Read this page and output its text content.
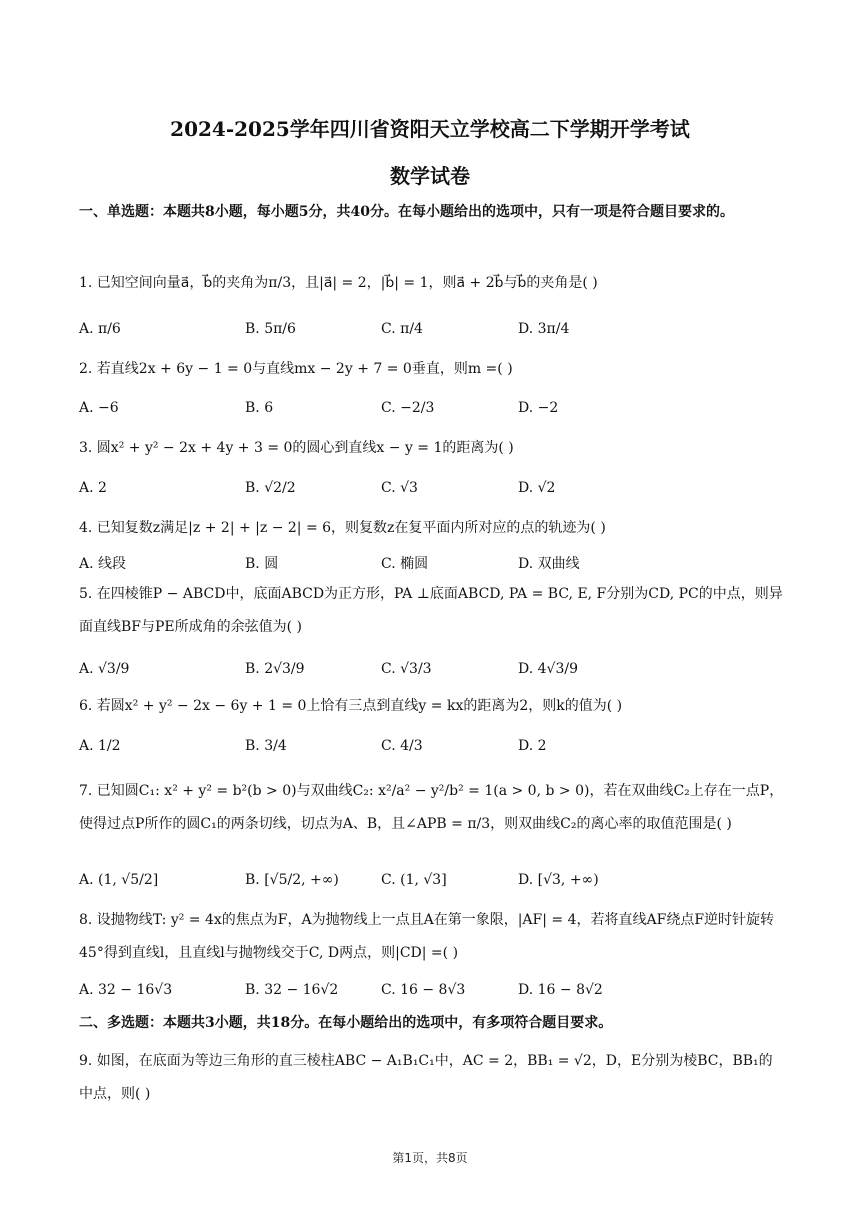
2024-2025学年四川省资阳天立学校高二下学期开学考试
数学试卷
一、单选题：本题共8小题，每小题5分，共40分。在每小题给出的选项中，只有一项是符合题目要求的。
1. 已知空间向量a⃗，b⃗的夹角为π/3，且|a⃗| = 2，|b⃗| = 1，则a⃗ + 2b⃗与b⃗的夹角是( )
A. π/6	B. 5π/6	C. π/4	D. 3π/4
2. 若直线2x + 6y − 1 = 0与直线mx − 2y + 7 = 0垂直，则m =( )
A. −6	B. 6	C. −2/3	D. −2
3. 圆x² + y² − 2x + 4y + 3 = 0的圆心到直线x − y = 1的距离为( )
A. 2	B. √2/2	C. √3	D. √2
4. 已知复数z满足|z + 2| + |z − 2| = 6，则复数z在复平面内所对应的点的轨迹为( )
A. 线段	B. 圆	C. 椭圆	D. 双曲线
5. 在四棱锥P − ABCD中，底面ABCD为正方形，PA ⊥底面ABCD, PA = BC, E, F分别为CD, PC的中点，则异面直线BF与PE所成角的余弦值为( )
A. √3/9	B. 2√3/9	C. √3/3	D. 4√3/9
6. 若圆x² + y² − 2x − 6y + 1 = 0上恰有三点到直线y = kx的距离为2，则k的值为( )
A. 1/2	B. 3/4	C. 4/3	D. 2
7. 已知圆C₁: x² + y² = b²(b > 0)与双曲线C₂: x²/a² − y²/b² = 1(a > 0, b > 0)，若在双曲线C₂上存在一点P，使得过点P所作的圆C₁的两条切线，切点为A、B，且∠APB = π/3，则双曲线C₂的离心率的取值范围是( )
A. (1, √5/2]	B. [√5/2, +∞)	C. (1, √3]	D. [√3, +∞)
8. 设抛物线T: y² = 4x的焦点为F，A为抛物线上一点且A在第一象限，|AF| = 4，若将直线AF绕点F逆时针旋转45°得到直线l，且直线l与抛物线交于C, D两点，则|CD| =( )
A. 32 − 16√3	B. 32 − 16√2	C. 16 − 8√3	D. 16 − 8√2
二、多选题：本题共3小题，共18分。在每小题给出的选项中，有多项符合题目要求。
9. 如图，在底面为等边三角形的直三棱柱ABC − A₁B₁C₁中，AC = 2，BB₁ = √2，D，E分别为棱BC，BB₁的中点，则( )
第1页，共8页
